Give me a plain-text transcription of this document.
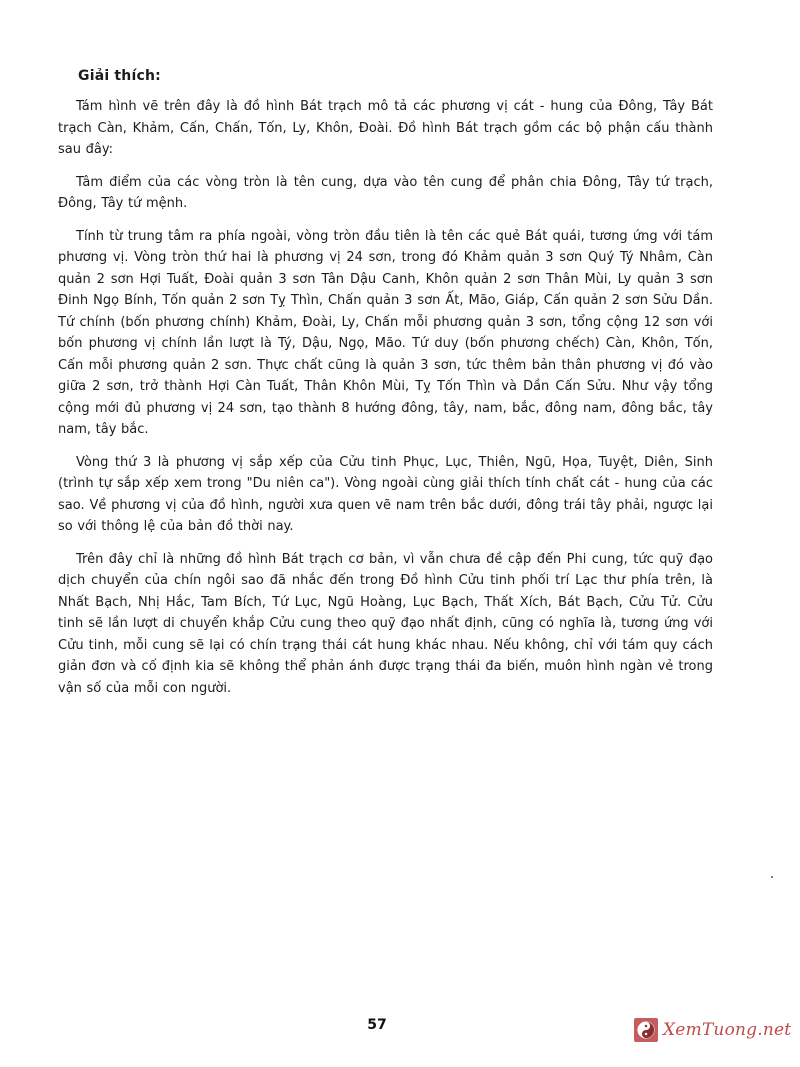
Giải thích:

Tám hình vẽ trên đây là đồ hình Bát trạch mô tả các phương vị cát - hung của Đông, Tây Bát trạch Càn, Khảm, Cấn, Chấn, Tốn, Ly, Khôn, Đoài. Đồ hình Bát trạch gồm các bộ phận cấu thành sau đây:

Tâm điểm của các vòng tròn là tên cung, dựa vào tên cung để phân chia Đông, Tây tứ trạch, Đông, Tây tứ mệnh.

Tính từ trung tâm ra phía ngoài, vòng tròn đầu tiên là tên các quẻ Bát quái, tương ứng với tám phương vị. Vòng tròn thứ hai là phương vị 24 sơn, trong đó Khảm quản 3 sơn Quý Tý Nhâm, Càn quản 2 sơn Hợi Tuất, Đoài quản 3 sơn Tân Dậu Canh, Khôn quản 2 sơn Thân Mùi, Ly quản 3 sơn Đinh Ngọ Bính, Tốn quản 2 sơn Tỵ Thìn, Chấn quản 3 sơn Ất, Mão, Giáp, Cấn quản 2 sơn Sửu Dần. Tứ chính (bốn phương chính) Khảm, Đoài, Ly, Chấn mỗi phương quản 3 sơn, tổng cộng 12 sơn với bốn phương vị chính lần lượt là Tý, Dậu, Ngọ, Mão. Tứ duy (bốn phương chếch) Càn, Khôn, Tốn, Cấn mỗi phương quản 2 sơn. Thực chất cũng là quản 3 sơn, tức thêm bản thân phương vị đó vào giữa 2 sơn, trở thành Hợi Càn Tuất, Thân Khôn Mùi, Tỵ Tốn Thìn và Dần Cấn Sửu. Như vậy tổng cộng mới đủ phương vị 24 sơn, tạo thành 8 hướng đông, tây, nam, bắc, đông nam, đông bắc, tây nam, tây bắc.

Vòng thứ 3 là phương vị sắp xếp của Cửu tinh Phục, Lục, Thiên, Ngũ, Họa, Tuyệt, Diên, Sinh (trình tự sắp xếp xem trong "Du niên ca"). Vòng ngoài cùng giải thích tính chất cát - hung của các sao. Về phương vị của đồ hình, người xưa quen vẽ nam trên bắc dưới, đông trái tây phải, ngược lại so với thông lệ của bản đồ thời nay.

Trên đây chỉ là những đồ hình Bát trạch cơ bản, vì vẫn chưa đề cập đến Phi cung, tức quỹ đạo dịch chuyển của chín ngôi sao đã nhắc đến trong Đồ hình Cửu tinh phối trí Lạc thư phía trên, là Nhất Bạch, Nhị Hắc, Tam Bích, Tứ Lục, Ngũ Hoàng, Lục Bạch, Thất Xích, Bát Bạch, Cửu Tử. Cửu tinh sẽ lần lượt di chuyển khắp Cửu cung theo quỹ đạo nhất định, cũng có nghĩa là, tương ứng với Cửu tinh, mỗi cung sẽ lại có chín trạng thái cát hung khác nhau. Nếu không, chỉ với tám quy cách giản đơn và cố định kia sẽ không thể phản ánh được trạng thái đa biến, muôn hình ngàn vẻ trong vận số của mỗi con người.

57	XemTuong.net
